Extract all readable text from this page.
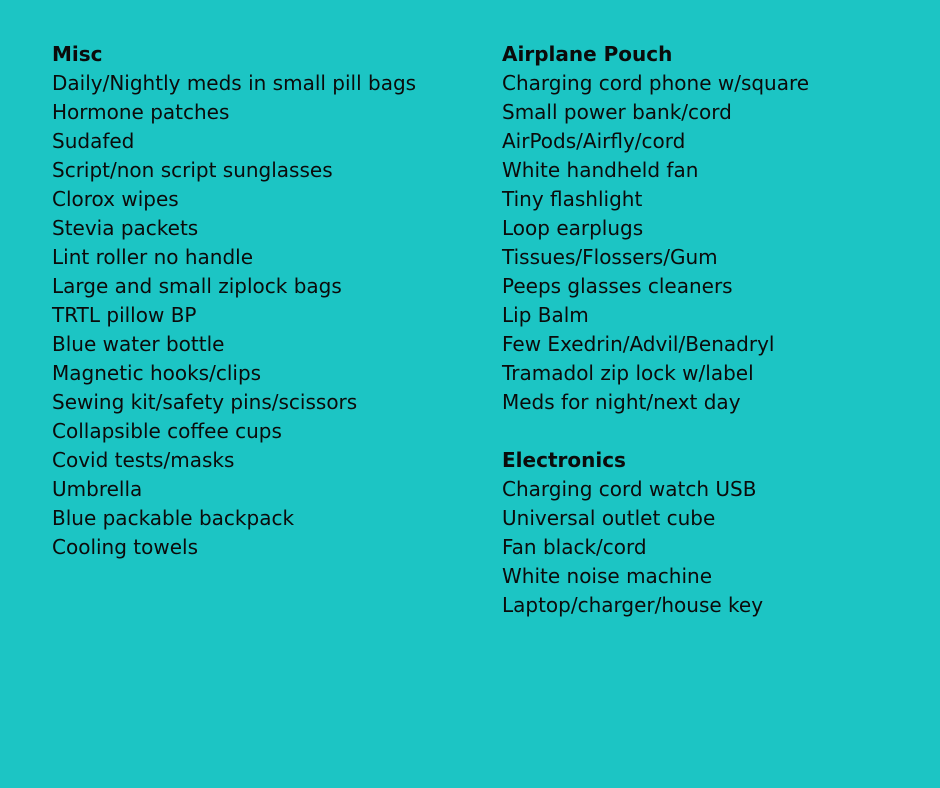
Misc
Daily/Nightly meds in small pill bags
Hormone patches
Sudafed
Script/non script sunglasses
Clorox wipes
Stevia packets
Lint roller no handle
Large and small ziplock bags
TRTL pillow BP
Blue water bottle
Magnetic hooks/clips
Sewing kit/safety pins/scissors
Collapsible coffee cups
Covid tests/masks
Umbrella
Blue packable backpack
Cooling towels
Airplane Pouch
Charging cord phone w/square
Small power bank/cord
AirPods/Airfly/cord
White handheld fan
Tiny flashlight
Loop earplugs
Tissues/Flossers/Gum
Peeps glasses cleaners
Lip Balm
Few Exedrin/Advil/Benadryl
Tramadol zip lock w/label
Meds for night/next day
Electronics
Charging cord watch USB
Universal outlet cube
Fan black/cord
White noise machine
Laptop/charger/house key
